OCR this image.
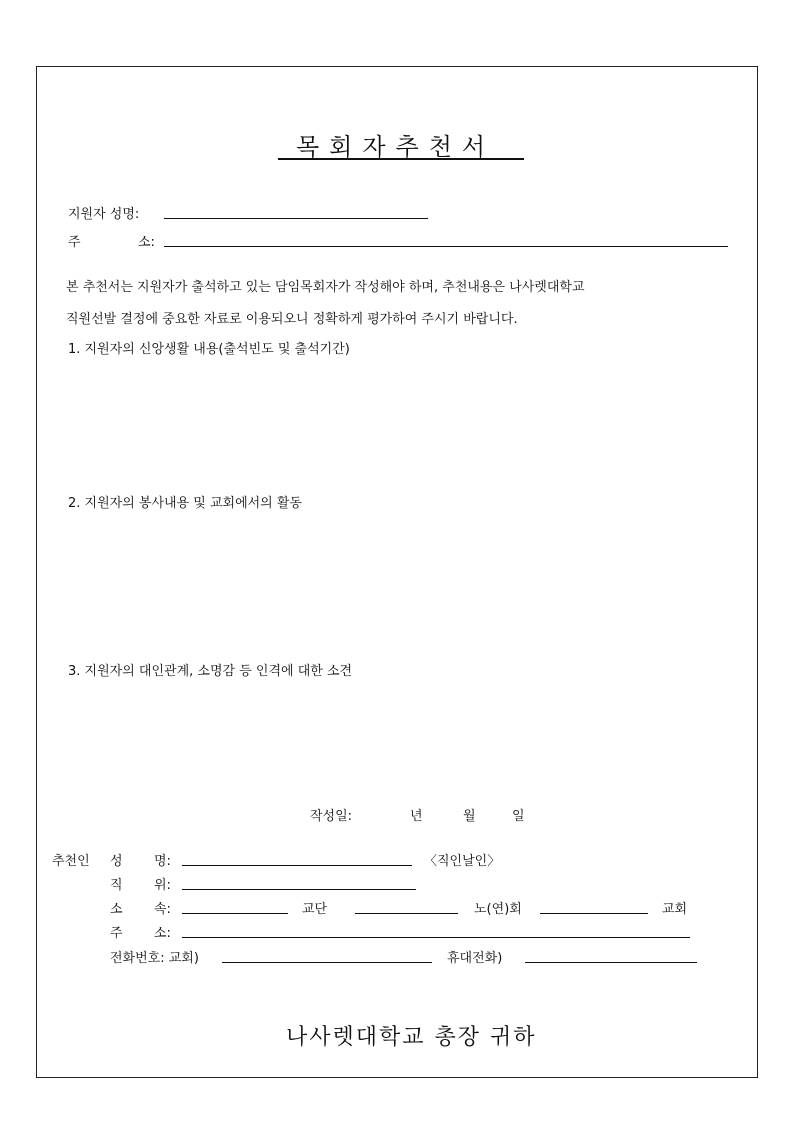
목회자추천서
지원자 성명:
주	소:
본 추천서는 지원자가 출석하고 있는 담임목회자가 작성해야 하며, 추천내용은 나사렛대학교
직원선발 결정에 중요한 자료로 이용되오니 정확하게 평가하여 주시기 바랍니다.
1. 지원자의 신앙생활 내용(출석빈도 및 출석기간)
2. 지원자의 봉사내용 및 교회에서의 활동
3. 지원자의 대인관계, 소명감 등 인격에 대한 소견
작성일:	년	월	일
추천인 성 명:	〈직인날인〉
직 위:
소 속:	교단	노(연)회	교회
주 소:
전화번호: 교회)	휴대전화)
나사렛대학교 총장 귀하
